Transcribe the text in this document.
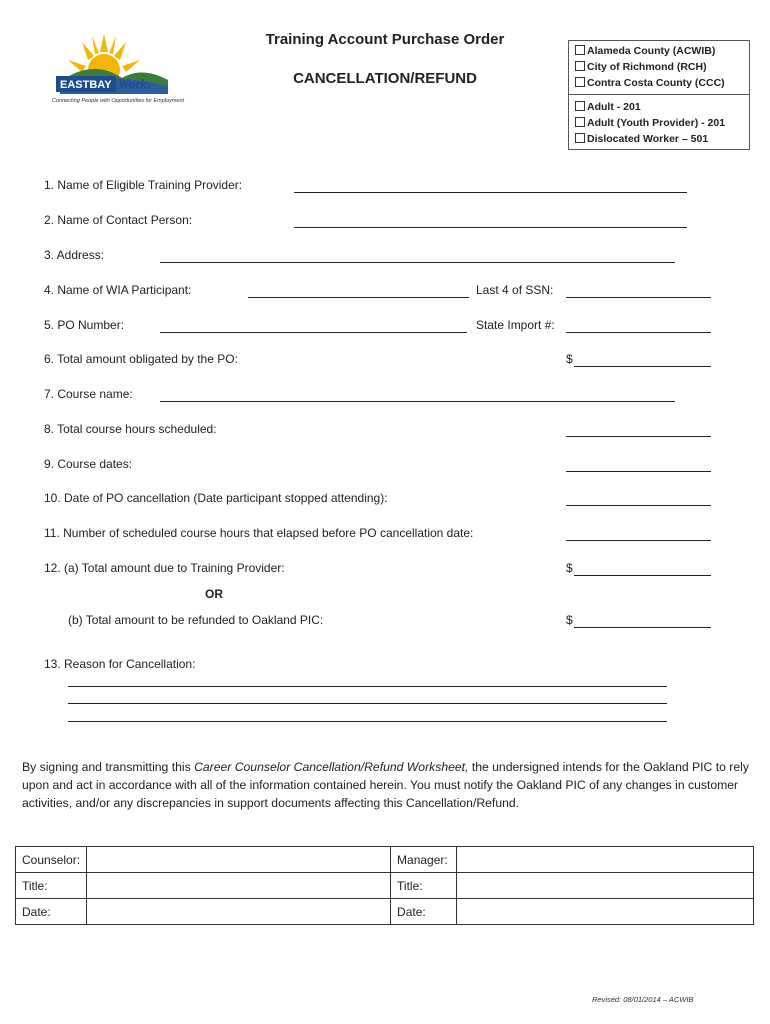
EASTBAY Works
Connecting People with Opportunities for Employment
Training Account Purchase Order
CANCELLATION/REFUND
Alameda County (ACWIB)
City of Richmond (RCH)
Contra Costa County (CCC)
Adult - 201
Adult (Youth Provider) - 201
Dislocated Worker – 501
1. Name of Eligible Training Provider:
2. Name of Contact Person:
3. Address:
4. Name of WIA Participant:	Last 4 of SSN:
5. PO Number:	State Import #:
6. Total amount obligated by the PO:	$
7. Course name:
8. Total course hours scheduled:
9. Course dates:
10. Date of PO cancellation (Date participant stopped attending):
11. Number of scheduled course hours that elapsed before PO cancellation date:
12. (a) Total amount due to Training Provider:	$
OR
(b) Total amount to be refunded to Oakland PIC:	$
13. Reason for Cancellation:
By signing and transmitting this Career Counselor Cancellation/Refund Worksheet, the undersigned intends for the Oakland PIC to rely upon and act in accordance with all of the information contained herein. You must notify the Oakland PIC of any changes in customer activities, and/or any discrepancies in support documents affecting this Cancellation/Refund.
Counselor:		Manager:	
Title:		Title:	
Date:		Date:	
Revised: 08/01/2014 – ACWIB
